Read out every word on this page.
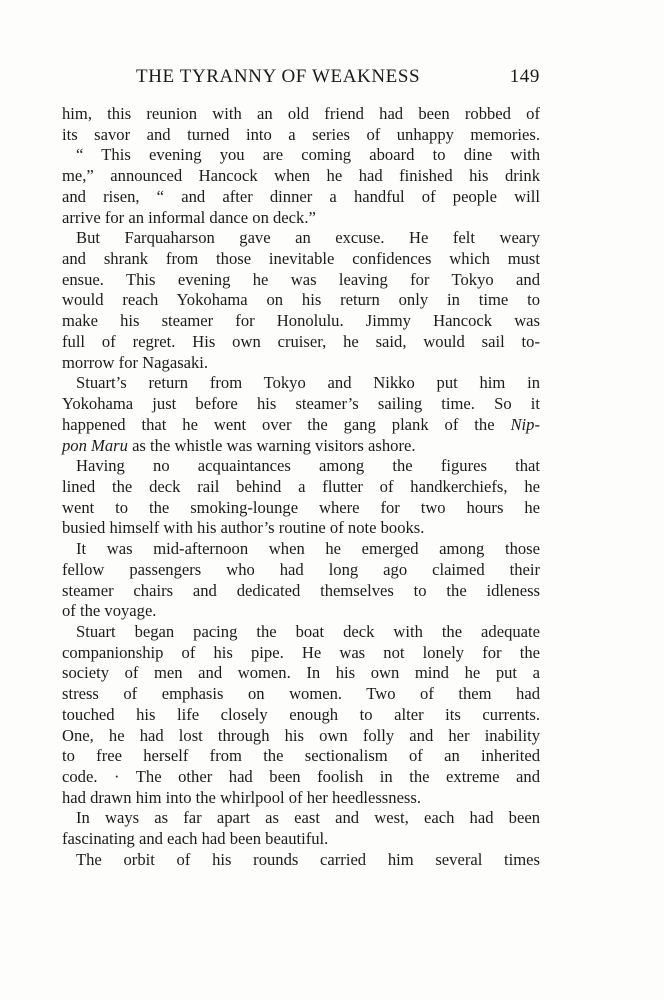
THE TYRANNY OF WEAKNESS	149
him, this reunion with an old friend had been robbed of
its savor and turned into a series of unhappy memories.
“ This evening you are coming aboard to dine with
me,” announced Hancock when he had finished his drink
and risen, “ and after dinner a handful of people will
arrive for an informal dance on deck.”
But Farquaharson gave an excuse. He felt weary
and shrank from those inevitable confidences which must
ensue. This evening he was leaving for Tokyo and
would reach Yokohama on his return only in time to
make his steamer for Honolulu. Jimmy Hancock was
full of regret. His own cruiser, he said, would sail to-
morrow for Nagasaki.
Stuart’s return from Tokyo and Nikko put him in
Yokohama just before his steamer’s sailing time. So it
happened that he went over the gang plank of the Nip-
pon Maru as the whistle was warning visitors ashore.
Having no acquaintances among the figures that
lined the deck rail behind a flutter of handkerchiefs, he
went to the smoking-lounge where for two hours he
busied himself with his author’s routine of note books.
It was mid-afternoon when he emerged among those
fellow passengers who had long ago claimed their
steamer chairs and dedicated themselves to the idleness
of the voyage.
Stuart began pacing the boat deck with the adequate
companionship of his pipe. He was not lonely for the
society of men and women. In his own mind he put a
stress of emphasis on women. Two of them had
touched his life closely enough to alter its currents.
One, he had lost through his own folly and her inability
to free herself from the sectionalism of an inherited
code. · The other had been foolish in the extreme and
had drawn him into the whirlpool of her heedlessness.
In ways as far apart as east and west, each had been
fascinating and each had been beautiful.
The orbit of his rounds carried him several times
